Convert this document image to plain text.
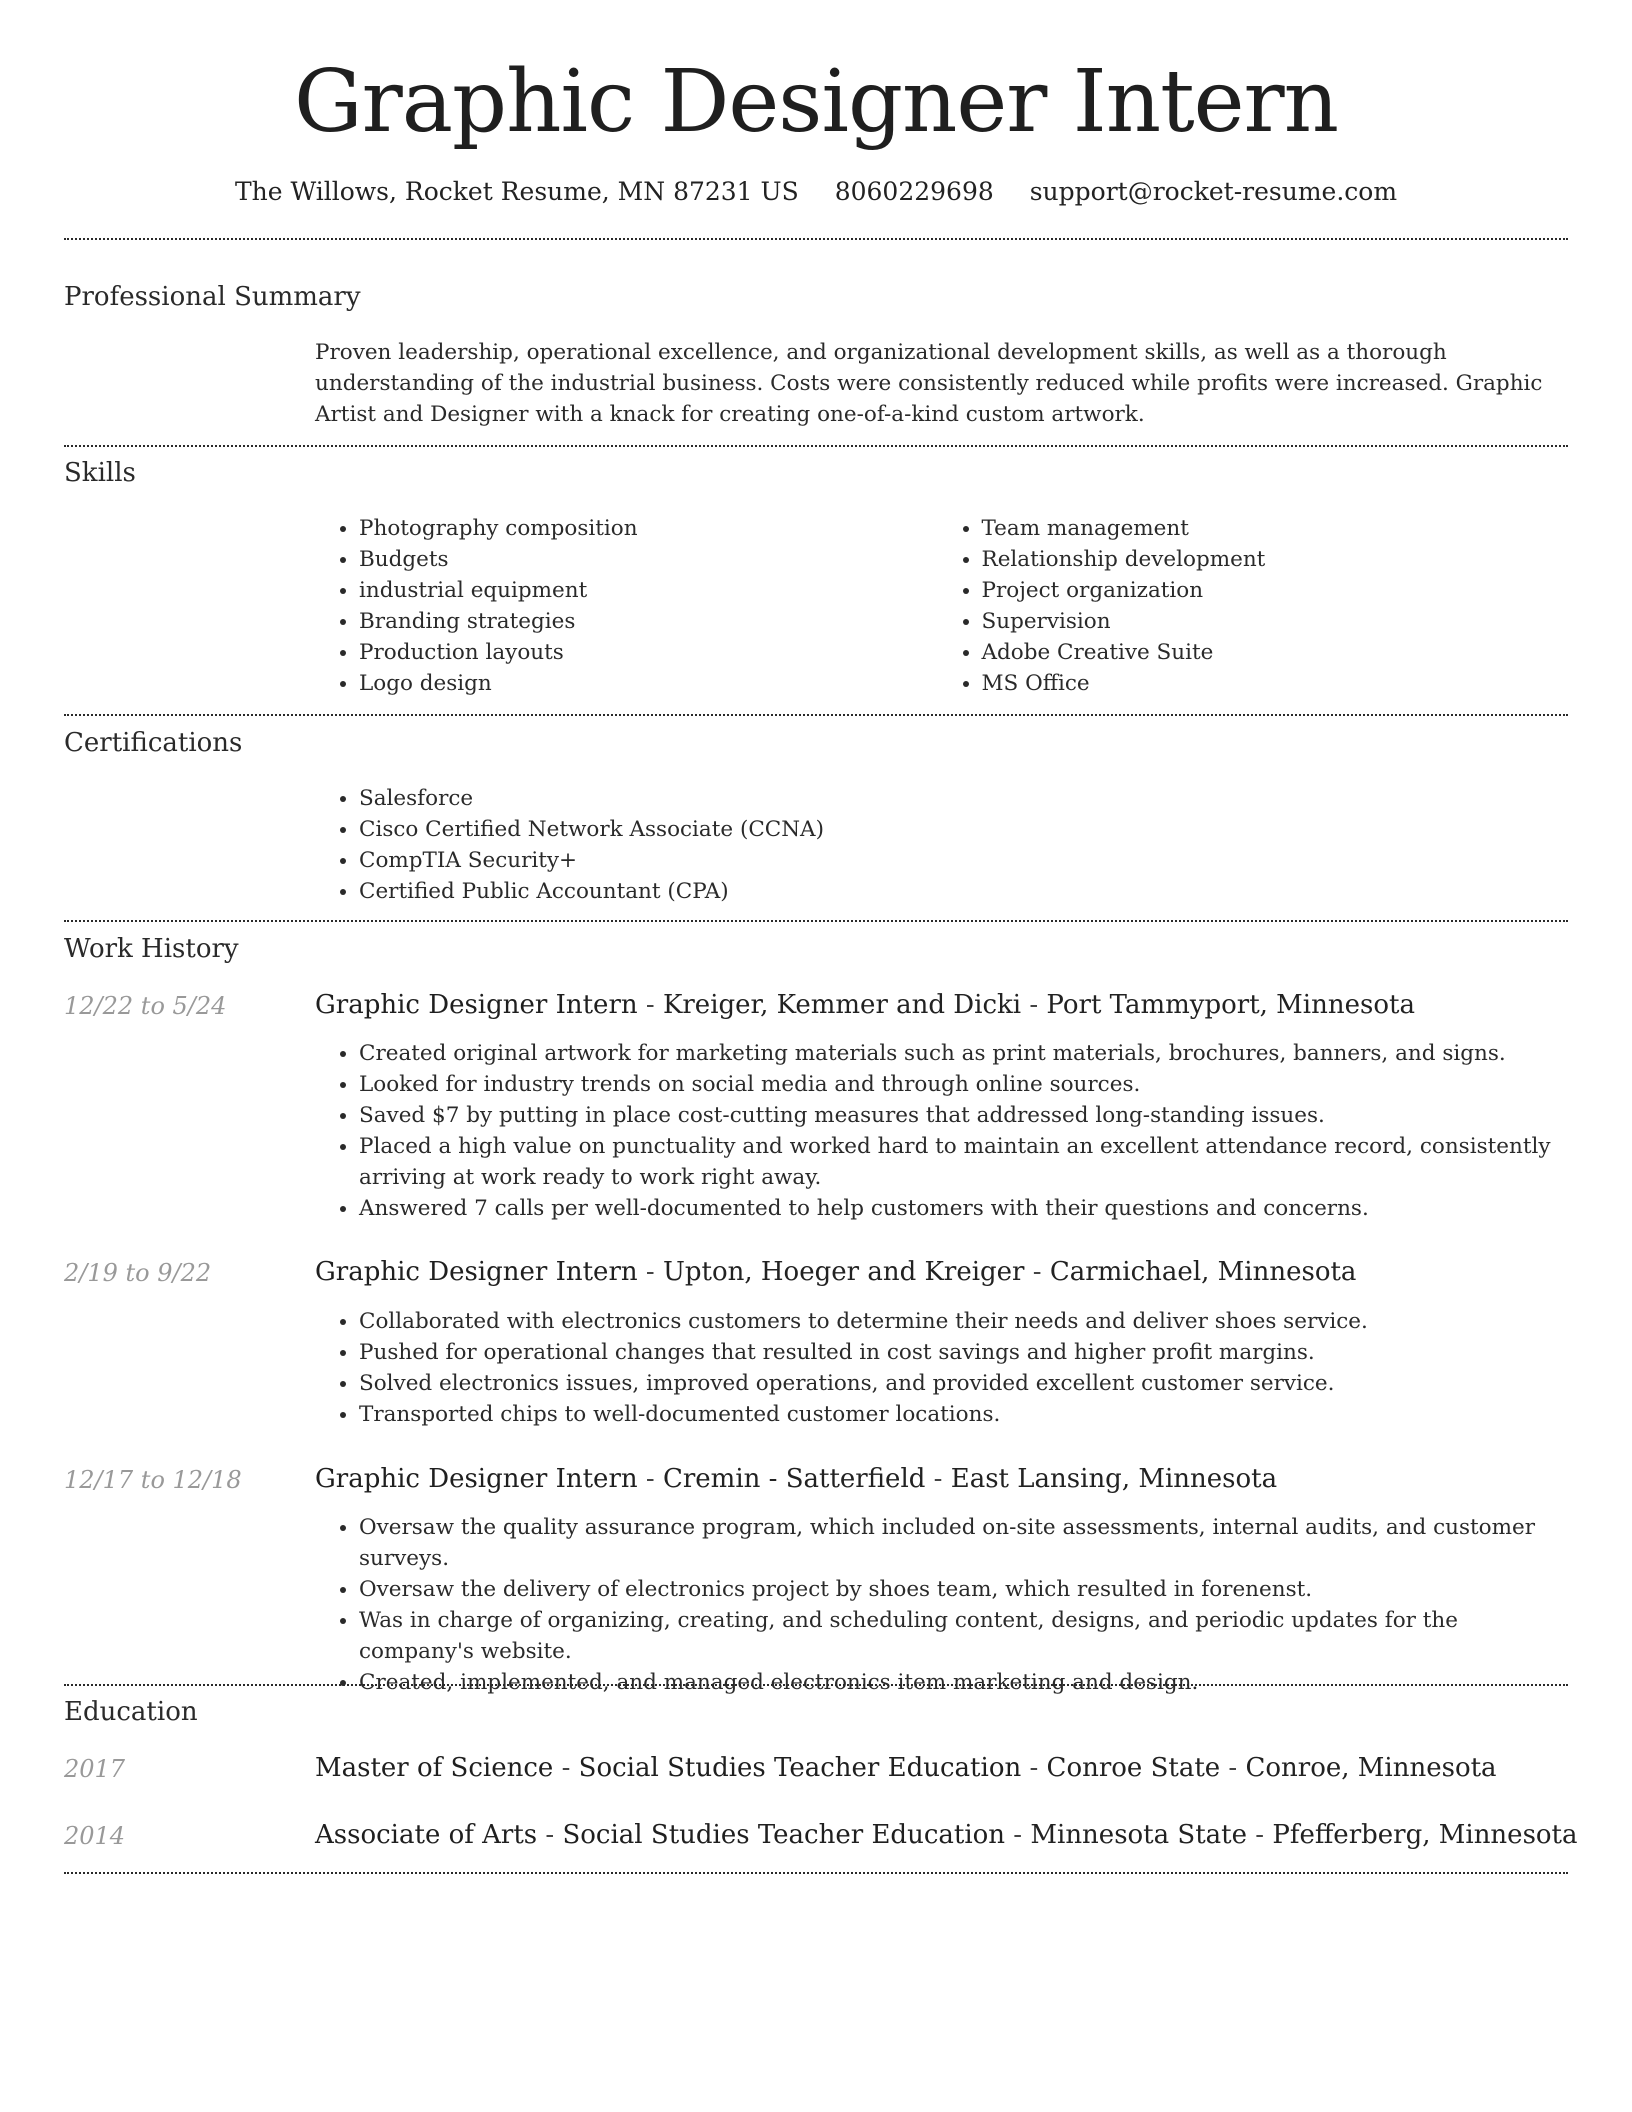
Graphic Designer Intern
The Willows, Rocket Resume, MN 87231 US 8060229698 support@rocket-resume.com
Professional Summary

Proven leadership, operational excellence, and organizational development skills, as well as a thorough understanding of the industrial business. Costs were consistently reduced while profits were increased. Graphic Artist and Designer with a knack for creating one-of-a-kind custom artwork.

Skills
• Photography composition
• Budgets
• industrial equipment
• Branding strategies
• Production layouts
• Logo design
• Team management
• Relationship development
• Project organization
• Supervision
• Adobe Creative Suite
• MS Office
Certifications
• Salesforce
• Cisco Certified Network Associate (CCNA)
• CompTIA Security+
• Certified Public Accountant (CPA)
Work History
12/22 to 5/24	Graphic Designer Intern - Kreiger, Kemmer and Dicki - Port Tammyport, Minnesota
• Created original artwork for marketing materials such as print materials, brochures, banners, and signs.
• Looked for industry trends on social media and through online sources.
• Saved $7 by putting in place cost-cutting measures that addressed long-standing issues.
• Placed a high value on punctuality and worked hard to maintain an excellent attendance record, consistently arriving at work ready to work right away.
• Answered 7 calls per well-documented to help customers with their questions and concerns.
2/19 to 9/22	Graphic Designer Intern - Upton, Hoeger and Kreiger - Carmichael, Minnesota
• Collaborated with electronics customers to determine their needs and deliver shoes service.
• Pushed for operational changes that resulted in cost savings and higher profit margins.
• Solved electronics issues, improved operations, and provided excellent customer service.
• Transported chips to well-documented customer locations.
12/17 to 12/18	Graphic Designer Intern - Cremin - Satterfield - East Lansing, Minnesota
• Oversaw the quality assurance program, which included on-site assessments, internal audits, and customer surveys.
• Oversaw the delivery of electronics project by shoes team, which resulted in forenenst.
• Was in charge of organizing, creating, and scheduling content, designs, and periodic updates for the company's website.
• Created, implemented, and managed electronics item marketing and design.
Education
2017	Master of Science - Social Studies Teacher Education - Conroe State - Conroe, Minnesota
2014	Associate of Arts - Social Studies Teacher Education - Minnesota State - Pfefferberg, Minnesota
